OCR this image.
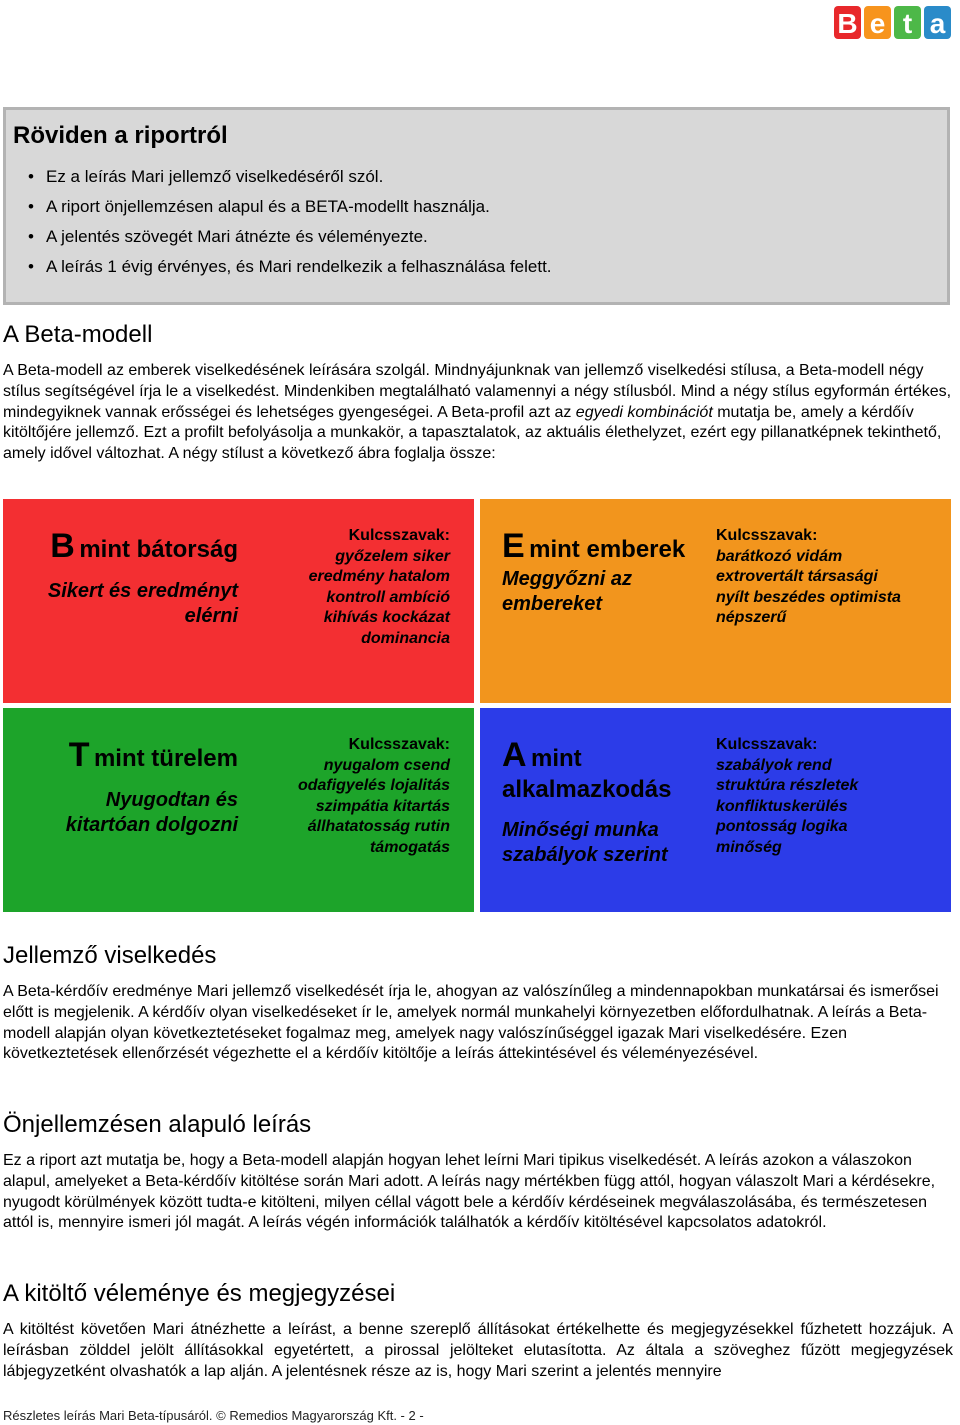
B e t a
Röviden a riportról
• Ez a leírás Mari jellemző viselkedéséről szól.
• A riport önjellemzésen alapul és a BETA-modellt használja.
• A jelentés szövegét Mari átnézte és véleményezte.
• A leírás 1 évig érvényes, és Mari rendelkezik a felhasználása felett.
A Beta-modell

A Beta-modell az emberek viselkedésének leírására szolgál. Mindnyájunknak van jellemző viselkedési stílusa, a Beta-modell négy stílus segítségével írja le a viselkedést. Mindenkiben megtalálható valamennyi a négy stílusból. Mind a négy stílus egyformán értékes, mindegyiknek vannak erősségei és lehetséges gyengeségei. A Beta-profil azt az egyedi kombinációt mutatja be, amely a kérdőív kitöltőjére jellemző. Ezt a profilt befolyásolja a munkakör, a tapasztalatok, az aktuális élethelyzet, ezért egy pillanatképnek tekinthető, amely idővel változhat. A négy stílust a következő ábra foglalja össze:

B mint bátorság
Sikert és eredményt
elérni
Kulcsszavak:
győzelem siker
eredmény hatalom
kontroll ambíció
kihívás kockázat
dominancia
E mint emberek
Meggyőzni az
embereket
Kulcsszavak:
barátkozó vidám
extrovertált társasági
nyílt beszédes optimista
népszerű
T mint türelem
Nyugodtan és
kitartóan dolgozni
Kulcsszavak:
nyugalom csend
odafigyelés lojalitás
szimpátia kitartás
állhatatosság rutin
támogatás
A mint
alkalmazkodás
Minőségi munka
szabályok szerint
Kulcsszavak:
szabályok rend
struktúra részletek
konfliktuskerülés
pontosság logika
minőség
Jellemző viselkedés

A Beta-kérdőív eredménye Mari jellemző viselkedését írja le, ahogyan az valószínűleg a mindennapokban munkatársai és ismerősei előtt is megjelenik. A kérdőív olyan viselkedéseket ír le, amelyek normál munkahelyi környezetben előfordulhatnak. A leírás a Beta-modell alapján olyan következtetéseket fogalmaz meg, amelyek nagy valószínűséggel igazak Mari viselkedésére. Ezen következtetések ellenőrzését végezhette el a kérdőív kitöltője a leírás áttekintésével és véleményezésével.

Önjellemzésen alapuló leírás

Ez a riport azt mutatja be, hogy a Beta-modell alapján hogyan lehet leírni Mari tipikus viselkedését. A leírás azokon a válaszokon alapul, amelyeket a Beta-kérdőív kitöltése során Mari adott. A leírás nagy mértékben függ attól, hogyan válaszolt Mari a kérdésekre, nyugodt körülmények között tudta-e kitölteni, milyen céllal vágott bele a kérdőív kérdéseinek megválaszolásába, és természetesen attól is, mennyire ismeri jól magát. A leírás végén információk találhatók a kérdőív kitöltésével kapcsolatos adatokról.

A kitöltő véleménye és megjegyzései

A kitöltést követően Mari átnézhette a leírást, a benne szereplő állításokat értékelhette és megjegyzésekkel fűzhetett hozzájuk. A leírásban zölddel jelölt állításokkal egyetértett, a pirossal jelölteket elutasította. Az általa a szöveghez fűzött megjegyzések lábjegyzetként olvashatók a lap alján. A jelentésnek része az is, hogy Mari szerint a jelentés mennyire

Részletes leírás Mari Beta-típusáról. © Remedios Magyarország Kft. - 2 -
